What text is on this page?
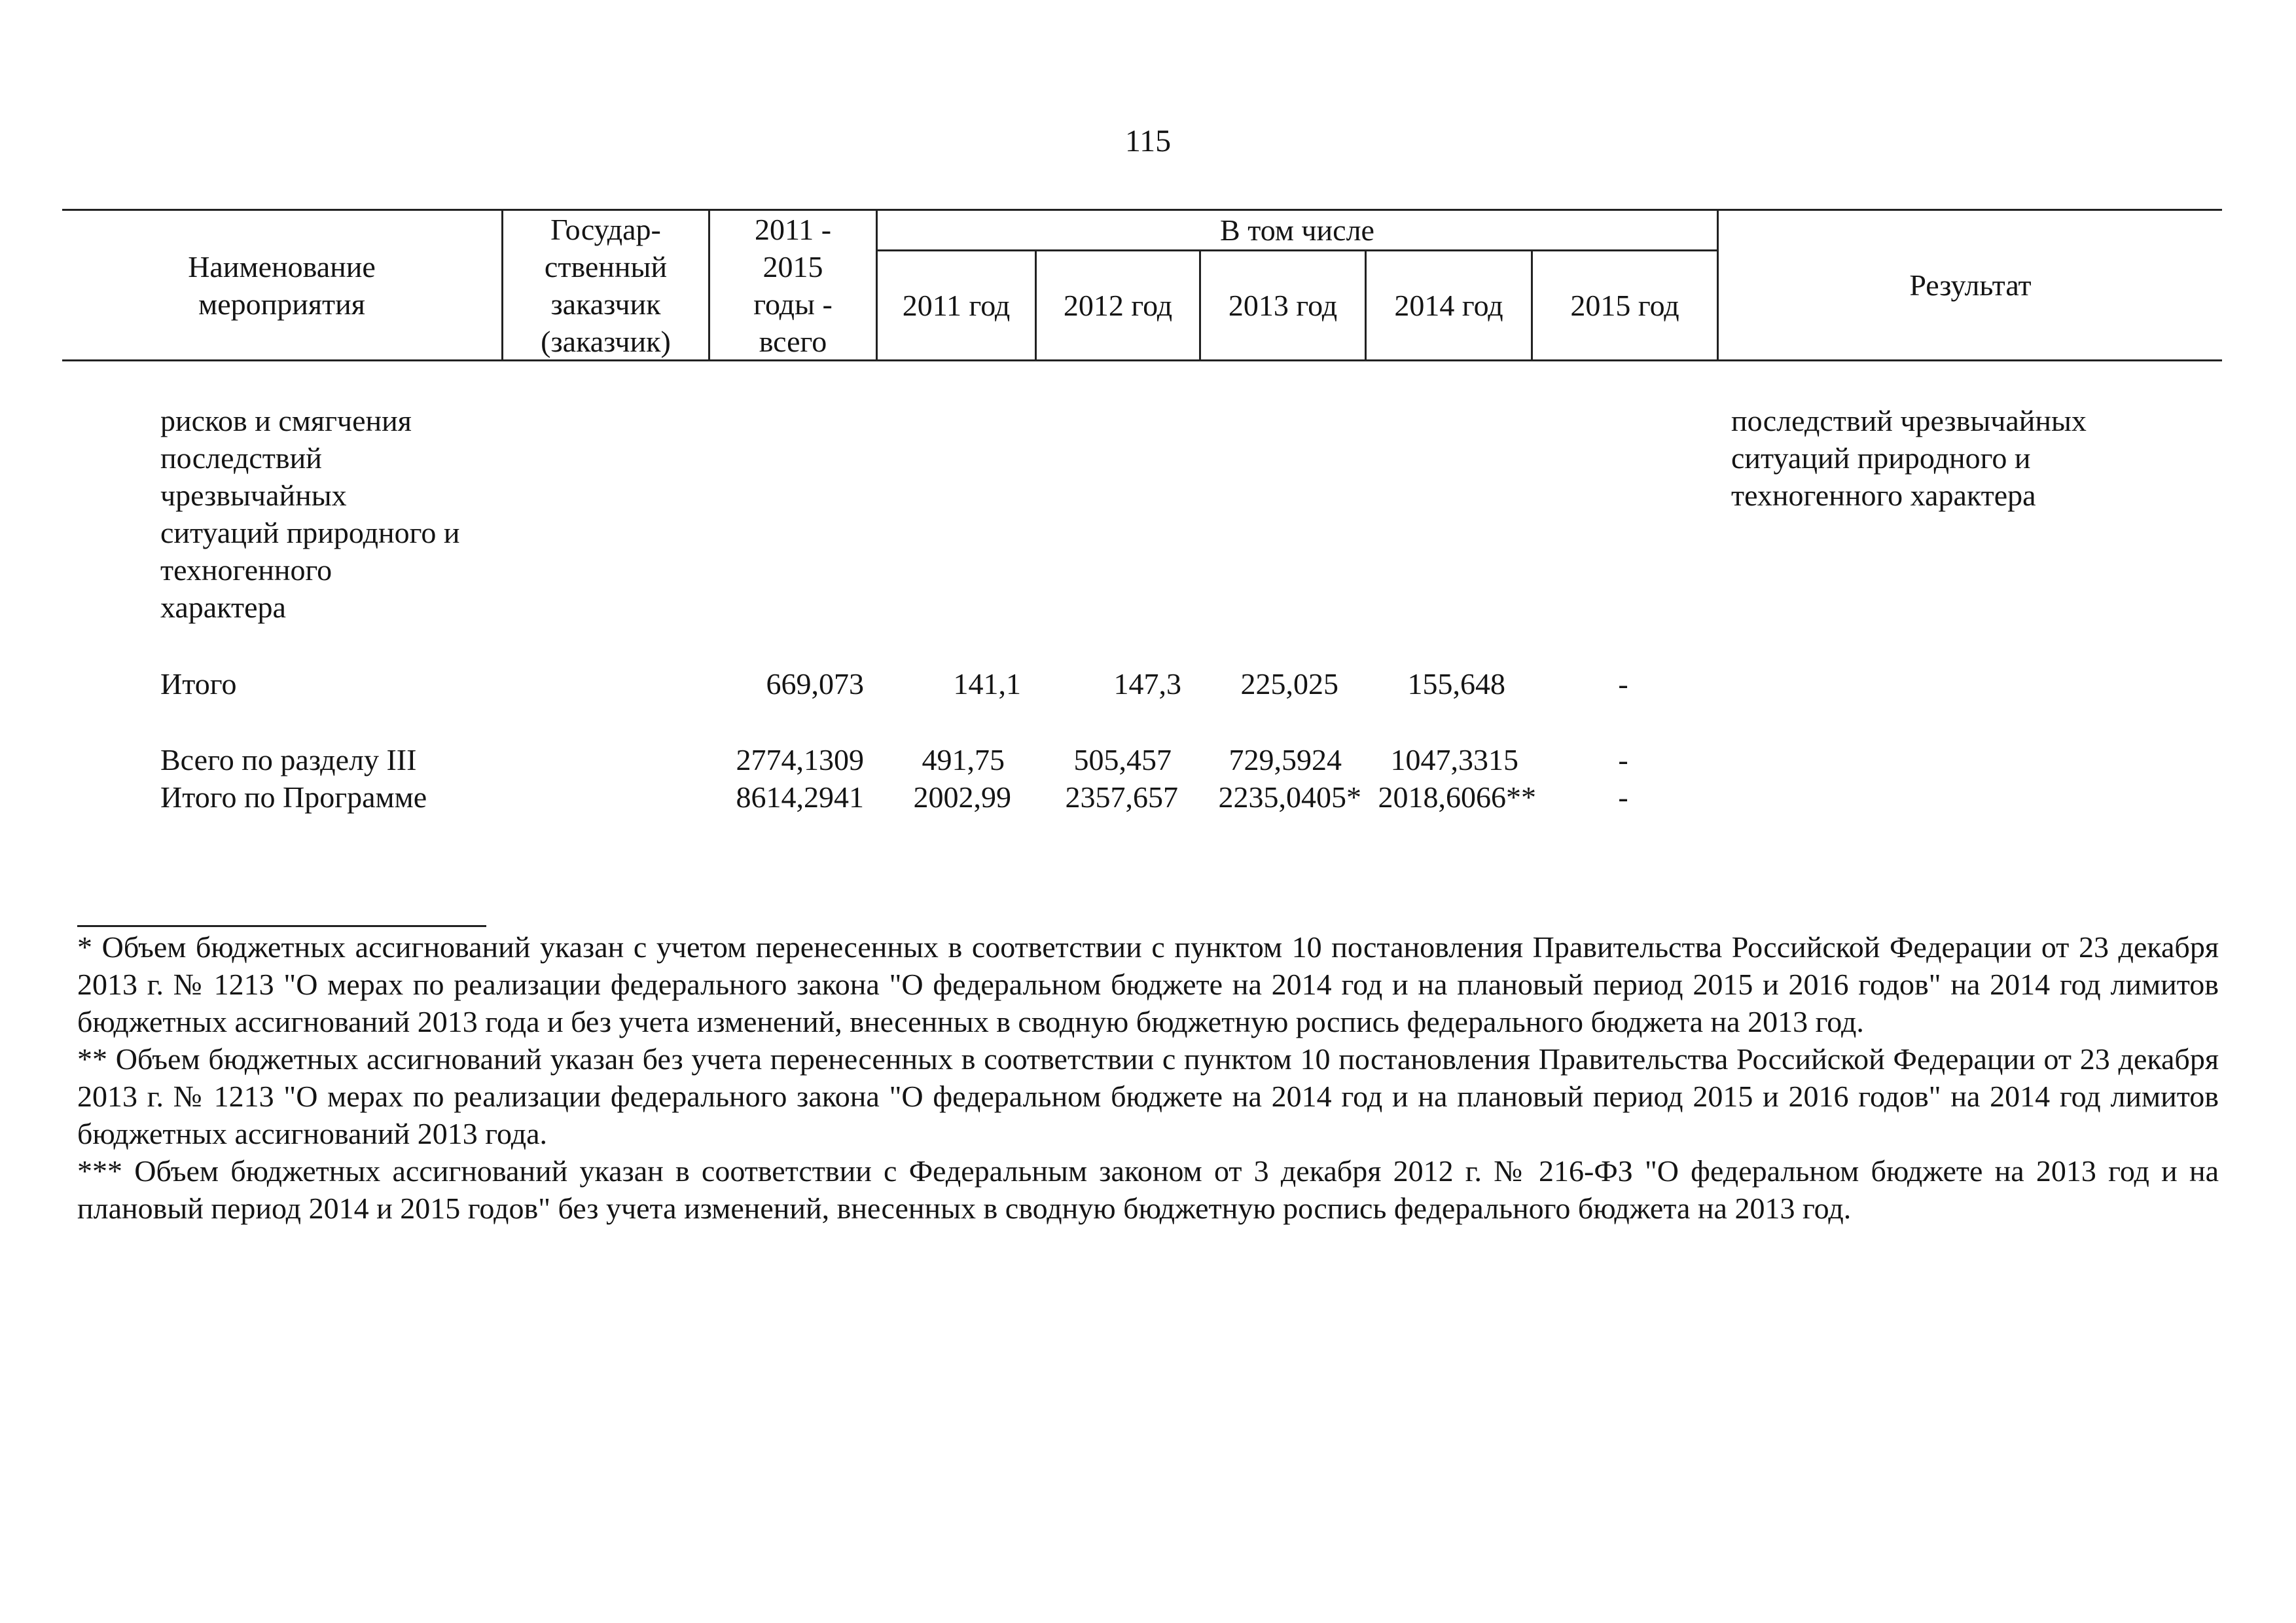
115
Наименование
мероприятия
Государ-
ственный
заказчик
(заказчик)
2011 -
2015
годы -
всего
В том числе
2011 год	2012 год	2013 год	2014 год	2015 год
Результат
рисков и смягчения
последствий
чрезвычайных
ситуаций природного и
техногенного
характера
последствий чрезвычайных
ситуаций природного и
техногенного характера
Итого	669,073	141,1	147,3	225,025	155,648	-
Всего по разделу III	2774,1309	491,75	505,457	729,5924	1047,3315	-
Итого по Программе	8614,2941	2002,99	2357,657	2235,0405* 2018,6066**	-

* Объем бюджетных ассигнований указан с учетом перенесенных в соответствии с пунктом 10 постановления Правительства Российской Федерации от 23 декабря 2013 г. № 1213 "О мерах по реализации федерального закона "О федеральном бюджете на 2014 год и на плановый период 2015 и 2016 годов" на 2014 год лимитов бюджетных ассигнований 2013 года и без учета изменений, внесенных в сводную бюджетную роспись федерального бюджета на 2013 год.

** Объем бюджетных ассигнований указан без учета перенесенных в соответствии с пунктом 10 постановления Правительства Российской Федерации от 23 декабря 2013 г. № 1213 "О мерах по реализации федерального закона "О федеральном бюджете на 2014 год и на плановый период 2015 и 2016 годов" на 2014 год лимитов бюджетных ассигнований 2013 года.

*** Объем бюджетных ассигнований указан в соответствии с Федеральным законом от 3 декабря 2012 г. № 216-ФЗ "О федеральном бюджете на 2013 год и на плановый период 2014 и 2015 годов" без учета изменений, внесенных в сводную бюджетную роспись федерального бюджета на 2013 год.
